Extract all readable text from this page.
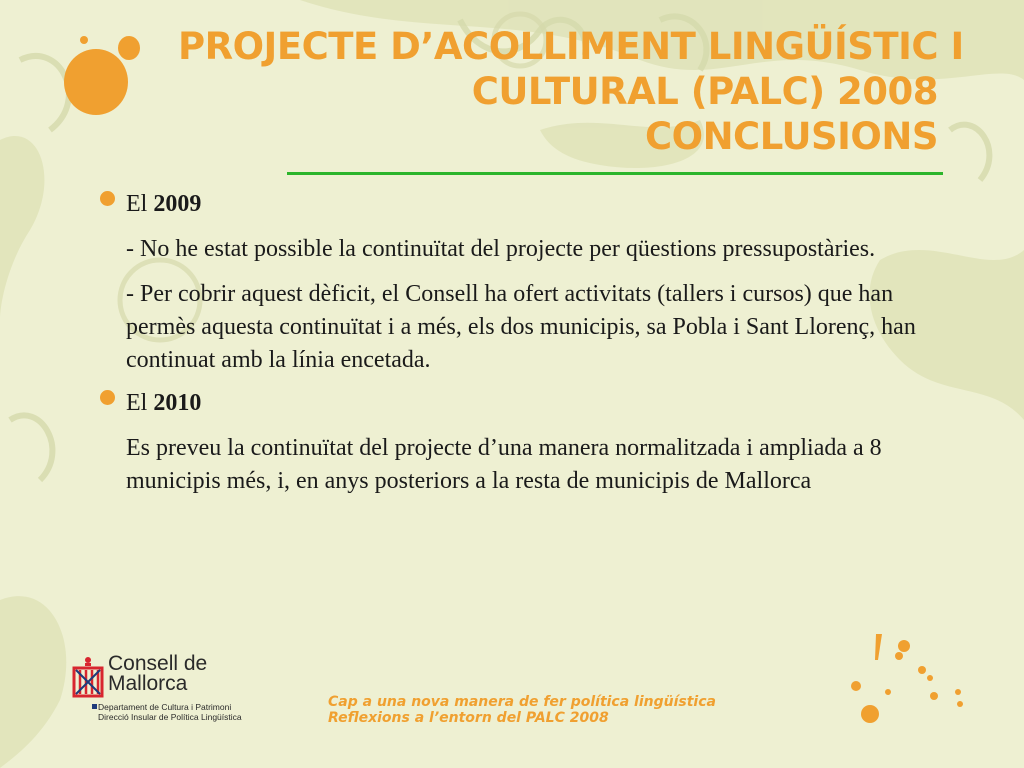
PROJECTE D’ACOLLIMENT LINGÜÍSTIC I
CULTURAL (PALC) 2008
CONCLUSIONS
El 2009
- No he estat possible la continuïtat del projecte per qüestions pressupostàries.
- Per cobrir aquest dèficit, el Consell ha ofert activitats (tallers i cursos) que han permès aquesta continuïtat i a més, els dos municipis, sa Pobla i Sant Llorenç, han continuat amb la línia encetada.
El 2010
Es preveu la continuïtat del projecte d’una manera normalitzada i ampliada a 8 municipis més, i, en anys posteriors a la resta de municipis de Mallorca
Consell de
Mallorca
Departament de Cultura i Patrimoni
Direcció Insular de Política Lingüística
Cap a una nova manera de fer política lingüística
Reflexions a l’entorn del PALC 2008
